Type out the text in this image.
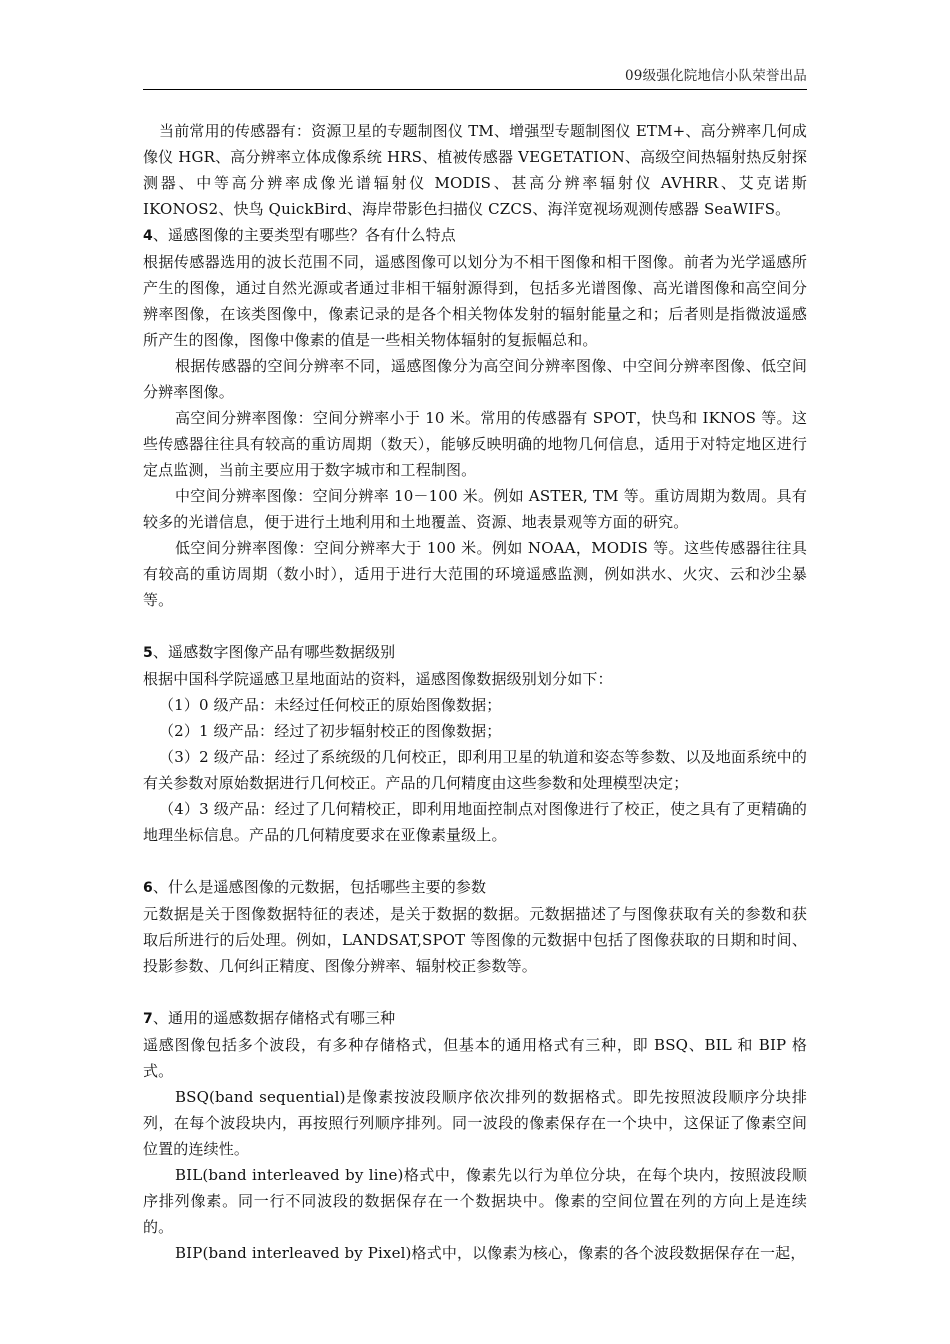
09级强化院地信小队荣誉出品

当前常用的传感器有：资源卫星的专题制图仪 TM、增强型专题制图仪 ETM+、高分辨率几何成像仪 HGR、高分辨率立体成像系统 HRS、植被传感器 VEGETATION、高级空间热辐射热反射探测器、中等高分辨率成像光谱辐射仪 MODIS、甚高分辨率辐射仪 AVHRR、艾克诺斯 IKONOS2、快鸟 QuickBird、海岸带影色扫描仪 CZCS、海洋宽视场观测传感器 SeaWIFS。

4、遥感图像的主要类型有哪些？各有什么特点

根据传感器选用的波长范围不同，遥感图像可以划分为不相干图像和相干图像。前者为光学遥感所产生的图像，通过自然光源或者通过非相干辐射源得到，包括多光谱图像、高光谱图像和高空间分辨率图像，在该类图像中，像素记录的是各个相关物体发射的辐射能量之和；后者则是指微波遥感所产生的图像，图像中像素的值是一些相关物体辐射的复振幅总和。

根据传感器的空间分辨率不同，遥感图像分为高空间分辨率图像、中空间分辨率图像、低空间分辨率图像。

高空间分辨率图像：空间分辨率小于 10 米。常用的传感器有 SPOT，快鸟和 IKNOS 等。这些传感器往往具有较高的重访周期（数天），能够反映明确的地物几何信息，适用于对特定地区进行定点监测，当前主要应用于数字城市和工程制图。

中空间分辨率图像：空间分辨率 10－100 米。例如 ASTER, TM 等。重访周期为数周。具有较多的光谱信息，便于进行土地利用和土地覆盖、资源、地表景观等方面的研究。

低空间分辨率图像：空间分辨率大于 100 米。例如 NOAA，MODIS 等。这些传感器往往具有较高的重访周期（数小时），适用于进行大范围的环境遥感监测，例如洪水、火灾、云和沙尘暴等。

5、遥感数字图像产品有哪些数据级别

根据中国科学院遥感卫星地面站的资料，遥感图像数据级别划分如下：

（1）0 级产品：未经过任何校正的原始图像数据；

（2）1 级产品：经过了初步辐射校正的图像数据；

（3）2 级产品：经过了系统级的几何校正，即利用卫星的轨道和姿态等参数、以及地面系统中的有关参数对原始数据进行几何校正。产品的几何精度由这些参数和处理模型决定；

（4）3 级产品：经过了几何精校正，即利用地面控制点对图像进行了校正，使之具有了更精确的地理坐标信息。产品的几何精度要求在亚像素量级上。

6、什么是遥感图像的元数据，包括哪些主要的参数

元数据是关于图像数据特征的表述，是关于数据的数据。元数据描述了与图像获取有关的参数和获取后所进行的后处理。例如，LANDSAT,SPOT 等图像的元数据中包括了图像获取的日期和时间、投影参数、几何纠正精度、图像分辨率、辐射校正参数等。

7、通用的遥感数据存储格式有哪三种

遥感图像包括多个波段，有多种存储格式，但基本的通用格式有三种，即 BSQ、BIL 和 BIP 格式。

BSQ(band sequential)是像素按波段顺序依次排列的数据格式。即先按照波段顺序分块排列，在每个波段块内，再按照行列顺序排列。同一波段的像素保存在一个块中，这保证了像素空间位置的连续性。

BIL(band interleaved by line)格式中，像素先以行为单位分块，在每个块内，按照波段顺序排列像素。同一行不同波段的数据保存在一个数据块中。像素的空间位置在列的方向上是连续的。

BIP(band interleaved by Pixel)格式中，以像素为核心，像素的各个波段数据保存在一起，
